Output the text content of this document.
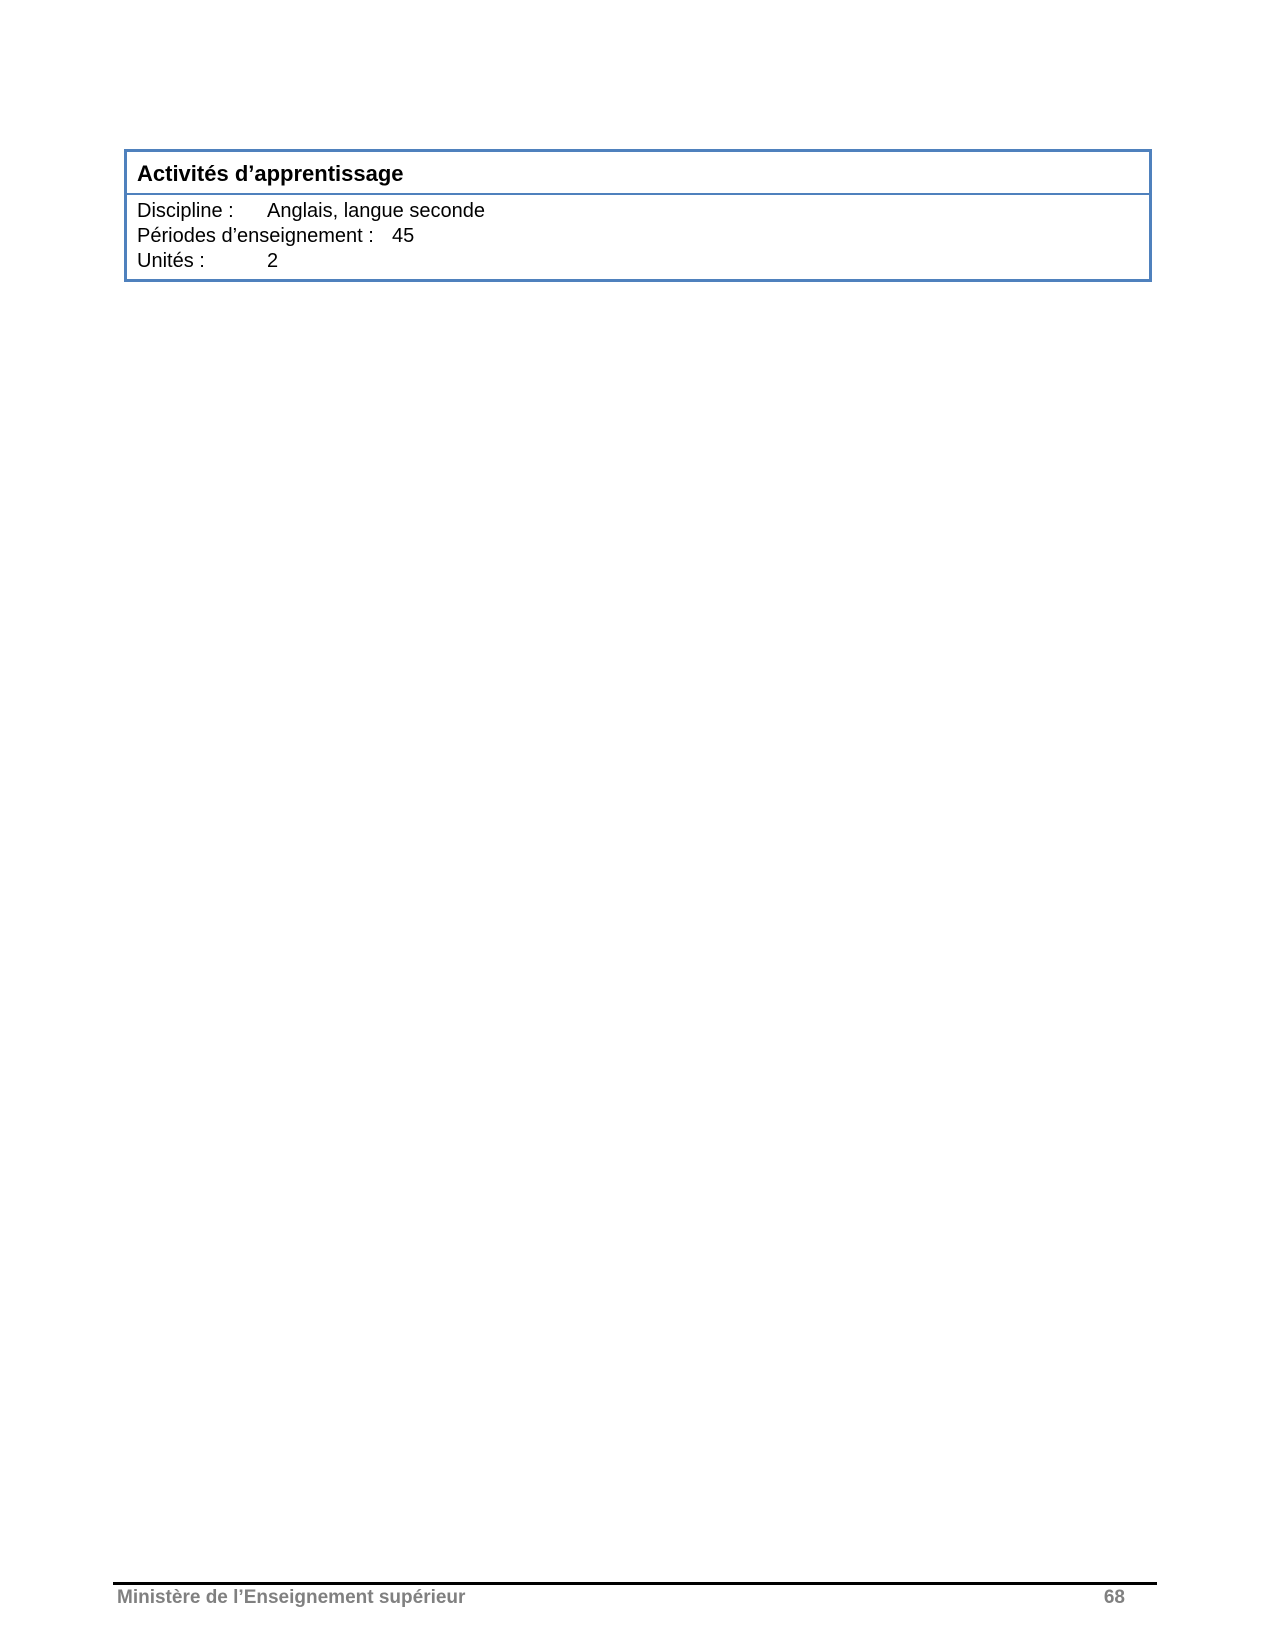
Activités d’apprentissage
Discipline : Anglais, langue seconde
Périodes d’enseignement : 45
Unités :	2
Ministère de l’Enseignement supérieur	68
